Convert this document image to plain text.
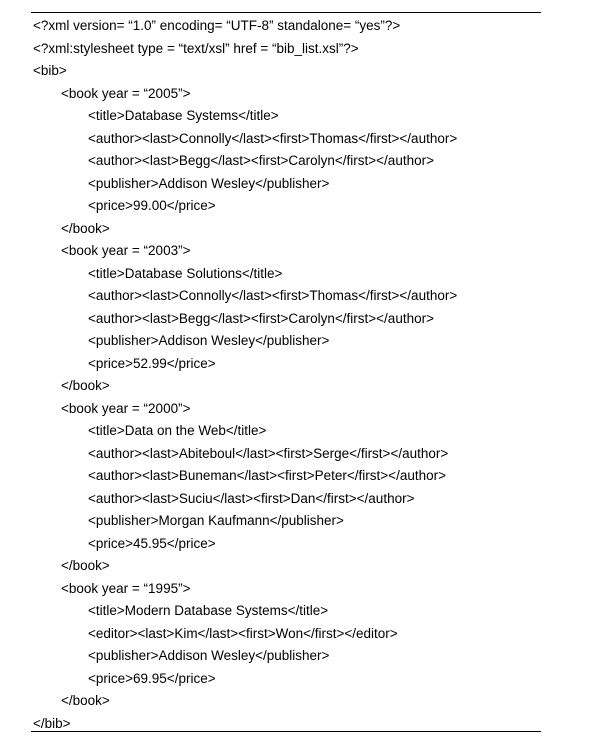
<?xml version= “1.0” encoding= “UTF-8” standalone= “yes”?>
<?xml:stylesheet type = “text/xsl” href = “bib_list.xsl”?>
<bib>
<book year = “2005”>
<title>Database Systems</title>
<author><last>Connolly</last><first>Thomas</first></author>
<author><last>Begg</last><first>Carolyn</first></author>
<publisher>Addison Wesley</publisher>
<price>99.00</price>
</book>
<book year = “2003”>
<title>Database Solutions</title>
<author><last>Connolly</last><first>Thomas</first></author>
<author><last>Begg</last><first>Carolyn</first></author>
<publisher>Addison Wesley</publisher>
<price>52.99</price>
</book>
<book year = “2000”>
<title>Data on the Web</title>
<author><last>Abiteboul</last><first>Serge</first></author>
<author><last>Buneman</last><first>Peter</first></author>
<author><last>Suciu</last><first>Dan</first></author>
<publisher>Morgan Kaufmann</publisher>
<price>45.95</price>
</book>
<book year = “1995”>
<title>Modern Database Systems</title>
<editor><last>Kim</last><first>Won</first></editor>
<publisher>Addison Wesley</publisher>
<price>69.95</price>
</book>
</bib>
